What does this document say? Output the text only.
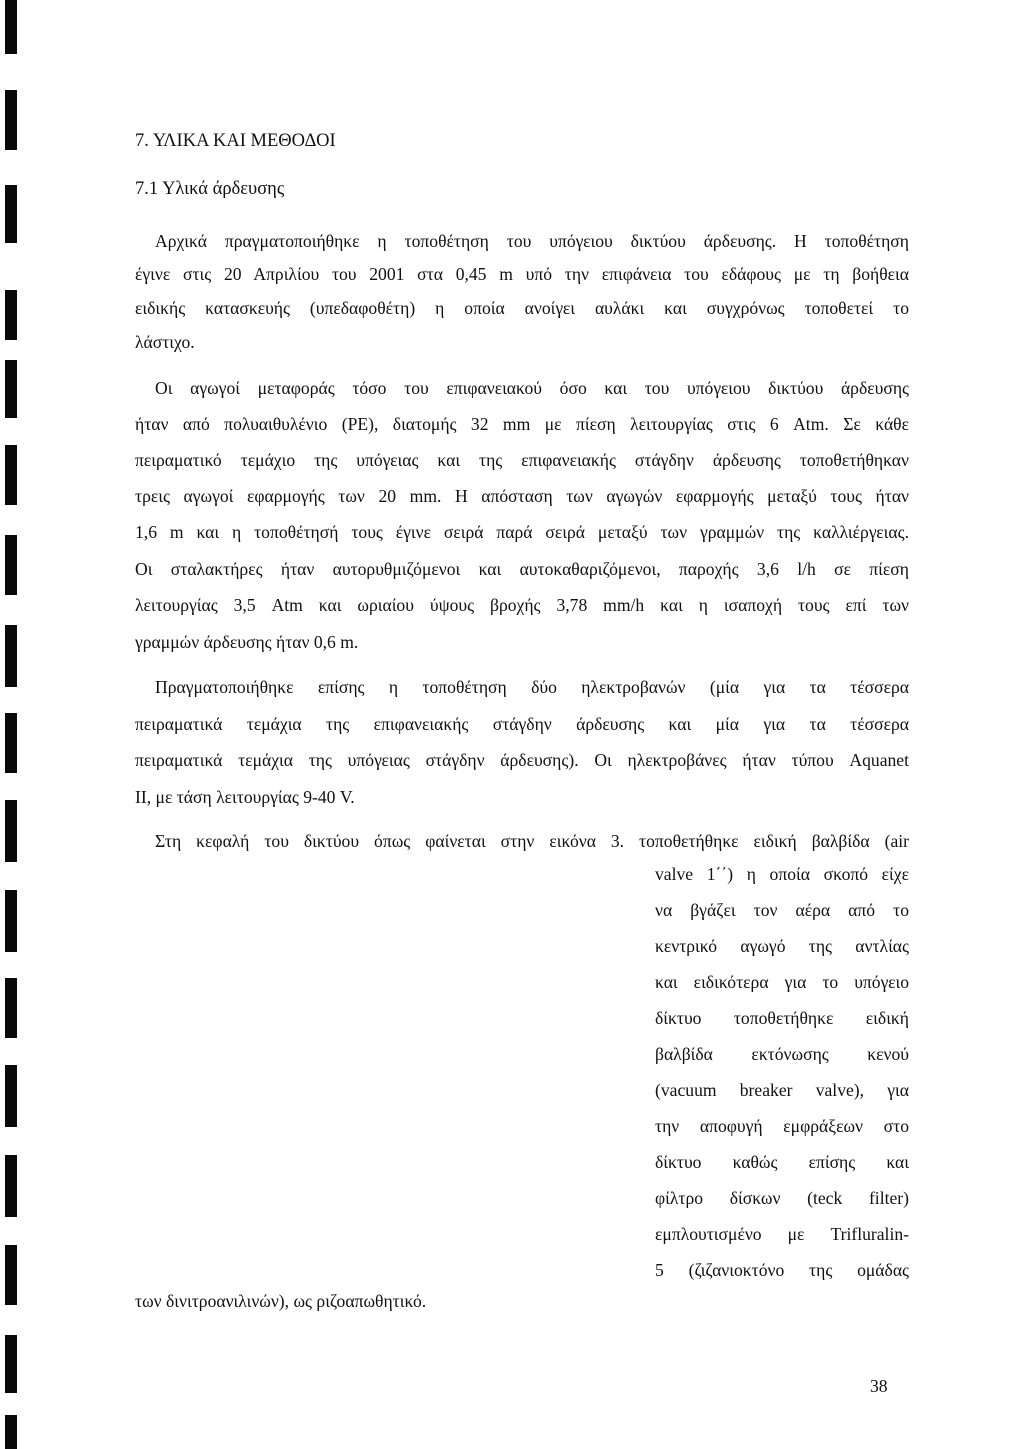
7. ΥΛΙΚΑ ΚΑΙ ΜΕΘΟΔΟΙ
7.1 Υλικά άρδευσης
Αρχικά πραγματοποιήθηκε η τοποθέτηση του υπόγειου δικτύου άρδευσης. Η τοποθέτηση
έγινε στις 20 Απριλίου του 2001 στα 0,45 m υπό την επιφάνεια του εδάφους με τη βοήθεια
ειδικής κατασκευής (υπεδαφοθέτη) η οποία ανοίγει αυλάκι και συγχρόνως τοποθετεί το
λάστιχο.
Οι αγωγοί μεταφοράς τόσο του επιφανειακού όσο και του υπόγειου δικτύου άρδευσης
ήταν από πολυαιθυλένιο (PE), διατομής 32 mm με πίεση λειτουργίας στις 6 Atm. Σε κάθε
πειραματικό τεμάχιο της υπόγειας και της επιφανειακής στάγδην άρδευσης τοποθετήθηκαν
τρεις αγωγοί εφαρμογής των 20 mm. Η απόσταση των αγωγών εφαρμογής μεταξύ τους ήταν
1,6 m και η τοποθέτησή τους έγινε σειρά παρά σειρά μεταξύ των γραμμών της καλλιέργειας.
Οι σταλακτήρες ήταν αυτορυθμιζόμενοι και αυτοκαθαριζόμενοι, παροχής 3,6 l/h σε πίεση
λειτουργίας 3,5 Atm και ωριαίου ύψους βροχής 3,78 mm/h και η ισαποχή τους επί των
γραμμών άρδευσης ήταν 0,6 m.
Πραγματοποιήθηκε επίσης η τοποθέτηση δύο ηλεκτροβανών (μία για τα τέσσερα
πειραματικά τεμάχια της επιφανειακής στάγδην άρδευσης και μία για τα τέσσερα
πειραματικά τεμάχια της υπόγειας στάγδην άρδευσης). Οι ηλεκτροβάνες ήταν τύπου Aquanet
ΙΙ, με τάση λειτουργίας 9-40 V.
Στη κεφαλή του δικτύου όπως φαίνεται στην εικόνα 3. τοποθετήθηκε ειδική βαλβίδα (air
valve 1΄΄) η οποία σκοπό είχε
να βγάζει τον αέρα από το
κεντρικό αγωγό της αντλίας
και ειδικότερα για το υπόγειο
δίκτυο τοποθετήθηκε ειδική
βαλβίδα εκτόνωσης κενού
(vacuum breaker valve), για
την αποφυγή εμφράξεων στο
δίκτυο καθώς επίσης και
φίλτρο δίσκων (teck filter)
εμπλουτισμένο με Trifluralin-
5 (ζιζανιοκτόνο της ομάδας
των δινιτροανιλινών), ως ριζοαπωθητικό.
38
